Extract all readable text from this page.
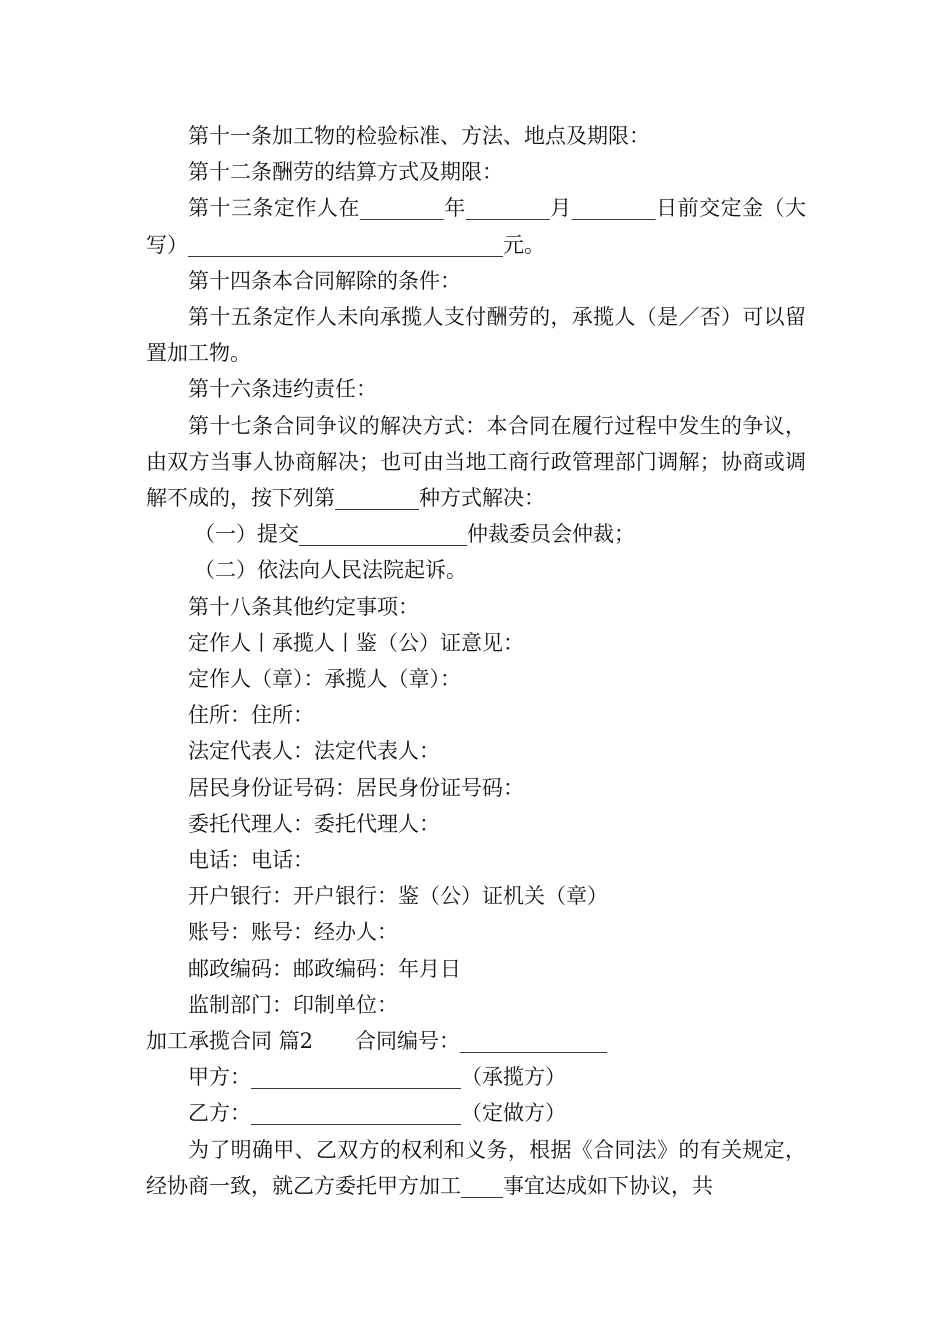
第十一条加工物的检验标准、方法、地点及期限：

第十二条酬劳的结算方式及期限：

第十三条定作人在________年________月________日前交定金（大写）______________________________元。

第十四条本合同解除的条件：

第十五条定作人未向承揽人支付酬劳的，承揽人（是／否）可以留置加工物。

第十六条违约责任：

第十七条合同争议的解决方式：本合同在履行过程中发生的争议，由双方当事人协商解决；也可由当地工商行政管理部门调解；协商或调解不成的，按下列第________种方式解决：

（一）提交________________仲裁委员会仲裁；

（二）依法向人民法院起诉。

第十八条其他约定事项：

定作人丨承揽人丨鉴（公）证意见：

定作人（章）：承揽人（章）：

住所：住所：

法定代表人：法定代表人：

居民身份证号码：居民身份证号码：

委托代理人：委托代理人：

电话：电话：

开户银行：开户银行：鉴（公）证机关（章）

账号：账号：经办人：

邮政编码：邮政编码：年月日

监制部门：印制单位：

加工承揽合同 篇2　　合同编号：______________

甲方：____________________（承揽方）

乙方：____________________（定做方）

为了明确甲、乙双方的权利和义务，根据《合同法》的有关规定，经协商一致，就乙方委托甲方加工____事宜达成如下协议，共
